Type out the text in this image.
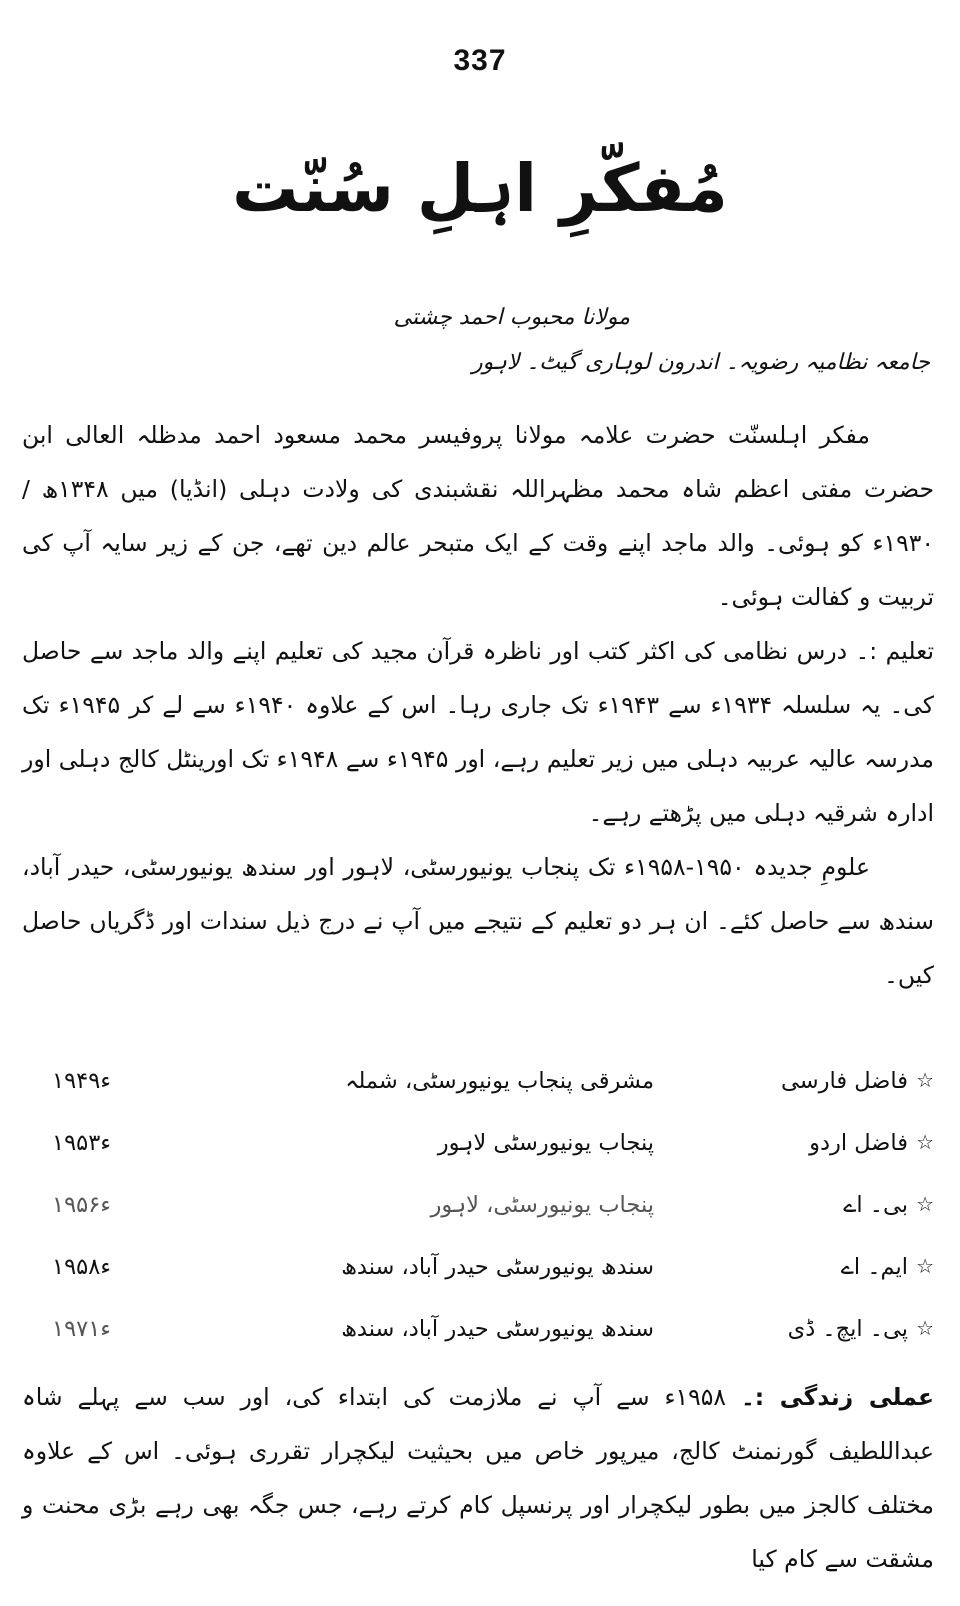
337
مُفکّرِ اہلِ سُنّت
مولانا محبوب احمد چشتی
جامعہ نظامیہ رضویہ۔ اندرون لوہاری گیٹ۔ لاہور

مفکر اہلسنّت حضرت علامہ مولانا پروفیسر محمد مسعود احمد مدظلہ العالی ابن حضرت مفتی اعظم شاہ محمد مظہراللہ نقشبندی کی ولادت دہلی (انڈیا) میں ۱۳۴۸ھ / ۱۹۳۰ء کو ہوئی۔ والد ماجد اپنے وقت کے ایک متبحر عالم دین تھے، جن کے زیر سایہ آپ کی تربیت و کفالت ہوئی۔

تعلیم :۔ درس نظامی کی اکثر کتب اور ناظرہ قرآن مجید کی تعلیم اپنے والد ماجد سے حاصل کی۔ یہ سلسلہ ۱۹۳۴ء سے ۱۹۴۳ء تک جاری رہا۔ اس کے علاوہ ۱۹۴۰ء سے لے کر ۱۹۴۵ء تک مدرسہ عالیہ عربیہ دہلی میں زیر تعلیم رہے، اور ۱۹۴۵ء سے ۱۹۴۸ء تک اورینٹل کالج دہلی اور ادارہ شرقیہ دہلی میں پڑھتے رہے۔

علومِ جدیدہ ۱۹۵۰-۱۹۵۸ء تک پنجاب یونیورسٹی، لاہور اور سندھ یونیورسٹی، حیدر آباد، سندھ سے حاصل کئے۔ ان ہر دو تعلیم کے نتیجے میں آپ نے درج ذیل سندات اور ڈگریاں حاصل کیں۔

☆
فاضل فارسی
مشرقی پنجاب یونیورسٹی، شملہ
۱۹۴۹ء
☆
فاضل اردو
پنجاب یونیورسٹی لاہور
۱۹۵۳ء
☆
بی۔ اے
پنجاب یونیورسٹی، لاہور
۱۹۵۶ء
☆
ایم۔ اے
سندھ یونیورسٹی حیدر آباد، سندھ
۱۹۵۸ء
☆
پی۔ ایچ۔ ڈی
سندھ یونیورسٹی حیدر آباد، سندھ
۱۹۷۱ء

عملی زندگی :۔ ۱۹۵۸ء سے آپ نے ملازمت کی ابتداء کی، اور سب سے پہلے شاہ عبداللطیف گورنمنٹ کالج، میرپور خاص میں بحیثیت لیکچرار تقرری ہوئی۔ اس کے علاوہ مختلف کالجز میں بطور لیکچرار اور پرنسپل کام کرتے رہے، جس جگہ بھی رہے بڑی محنت و مشقت سے کام کیا
